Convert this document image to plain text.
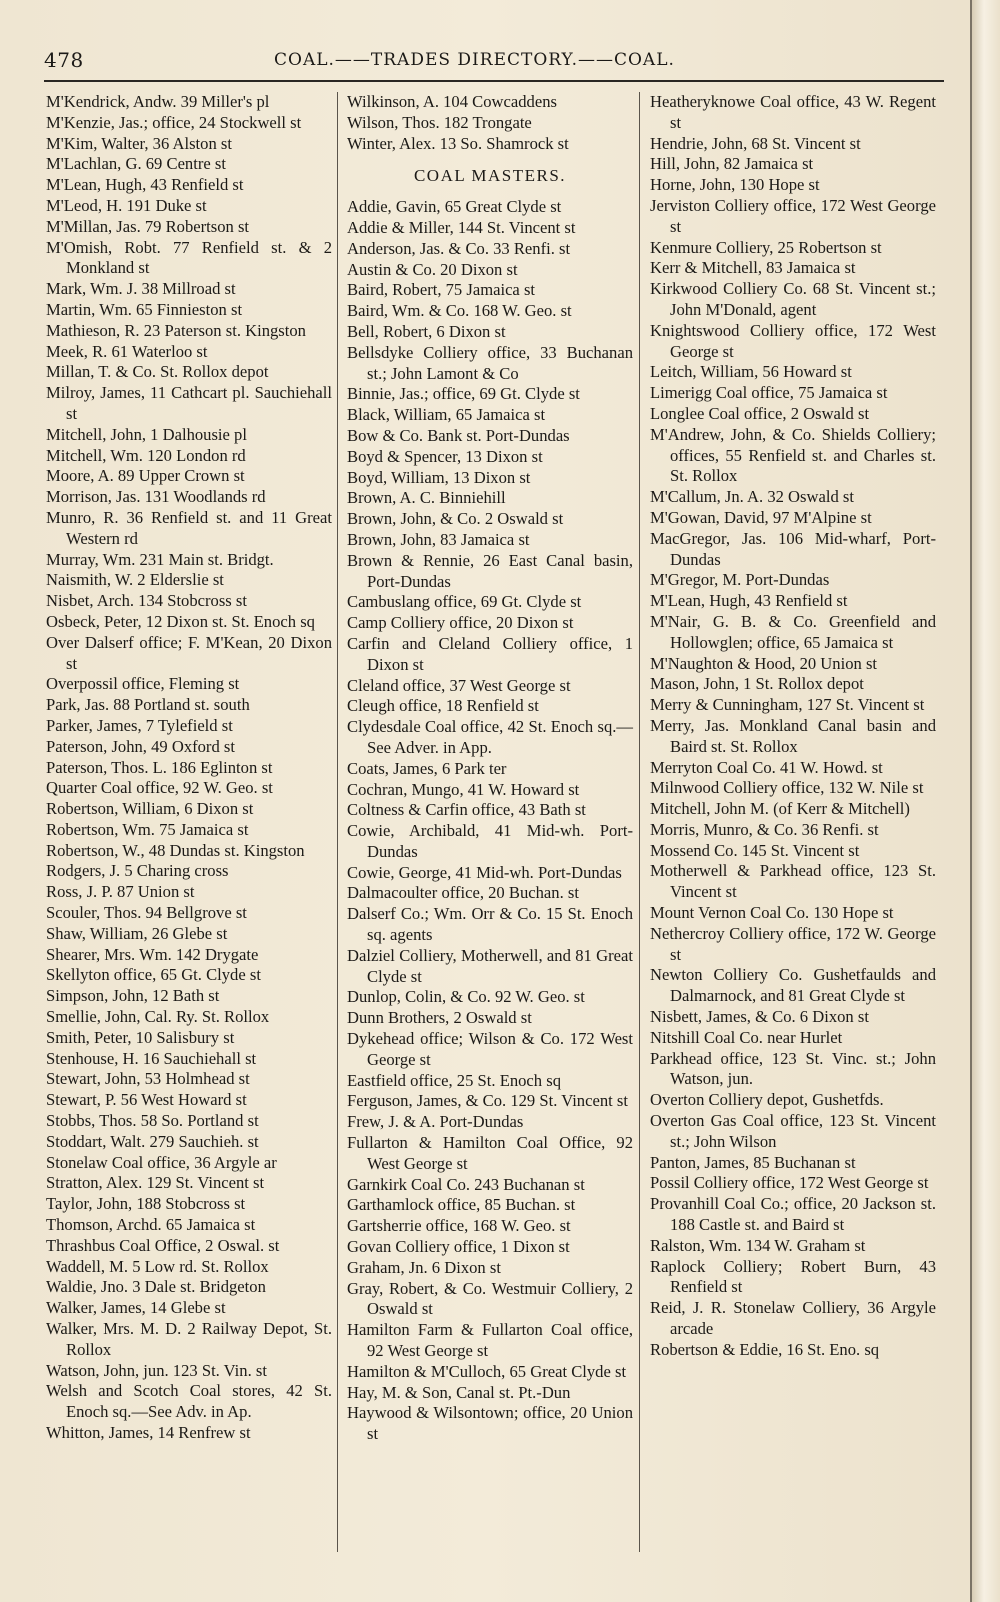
478	COAL.——TRADES DIRECTORY.——COAL.
M'Kendrick, Andw. 39 Miller's pl
M'Kenzie, Jas.; office, 24 Stockwell st
M'Kim, Walter, 36 Alston st
M'Lachlan, G. 69 Centre st
M'Lean, Hugh, 43 Renfield st
M'Leod, H. 191 Duke st
M'Millan, Jas. 79 Robertson st
M'Omish, Robt. 77 Renfield st. & 2 Monkland st
Mark, Wm. J. 38 Millroad st
Martin, Wm. 65 Finnieston st
Mathieson, R. 23 Paterson st. Kingston
Meek, R. 61 Waterloo st
Millan, T. & Co. St. Rollox depot
Milroy, James, 11 Cathcart pl. Sauchiehall st
Mitchell, John, 1 Dalhousie pl
Mitchell, Wm. 120 London rd
Moore, A. 89 Upper Crown st
Morrison, Jas. 131 Woodlands rd
Munro, R. 36 Renfield st. and 11 Great Western rd
Murray, Wm. 231 Main st. Bridgt.
Naismith, W. 2 Elderslie st
Nisbet, Arch. 134 Stobcross st
Osbeck, Peter, 12 Dixon st. St. Enoch sq
Over Dalserf office; F. M'Kean, 20 Dixon st
Overpossil office, Fleming st
Park, Jas. 88 Portland st. south
Parker, James, 7 Tylefield st
Paterson, John, 49 Oxford st
Paterson, Thos. L. 186 Eglinton st
Quarter Coal office, 92 W. Geo. st
Robertson, William, 6 Dixon st
Robertson, Wm. 75 Jamaica st
Robertson, W., 48 Dundas st. Kingston
Rodgers, J. 5 Charing cross
Ross, J. P. 87 Union st
Scouler, Thos. 94 Bellgrove st
Shaw, William, 26 Glebe st
Shearer, Mrs. Wm. 142 Drygate
Skellyton office, 65 Gt. Clyde st
Simpson, John, 12 Bath st
Smellie, John, Cal. Ry. St. Rollox
Smith, Peter, 10 Salisbury st
Stenhouse, H. 16 Sauchiehall st
Stewart, John, 53 Holmhead st
Stewart, P. 56 West Howard st
Stobbs, Thos. 58 So. Portland st
Stoddart, Walt. 279 Sauchieh. st
Stonelaw Coal office, 36 Argyle ar
Stratton, Alex. 129 St. Vincent st
Taylor, John, 188 Stobcross st
Thomson, Archd. 65 Jamaica st
Thrashbus Coal Office, 2 Oswal. st
Waddell, M. 5 Low rd. St. Rollox
Waldie, Jno. 3 Dale st. Bridgeton
Walker, James, 14 Glebe st
Walker, Mrs. M. D. 2 Railway Depot, St. Rollox
Watson, John, jun. 123 St. Vin. st
Welsh and Scotch Coal stores, 42 St. Enoch sq.—See Adv. in Ap.
Whitton, James, 14 Renfrew st
Wilkinson, A. 104 Cowcaddens
Wilson, Thos. 182 Trongate
Winter, Alex. 13 So. Shamrock st
COAL MASTERS.
Addie, Gavin, 65 Great Clyde st
Addie & Miller, 144 St. Vincent st
Anderson, Jas. & Co. 33 Renfi. st
Austin & Co. 20 Dixon st
Baird, Robert, 75 Jamaica st
Baird, Wm. & Co. 168 W. Geo. st
Bell, Robert, 6 Dixon st
Bellsdyke Colliery office, 33 Buchanan st.; John Lamont & Co
Binnie, Jas.; office, 69 Gt. Clyde st
Black, William, 65 Jamaica st
Bow & Co. Bank st. Port-Dundas
Boyd & Spencer, 13 Dixon st
Boyd, William, 13 Dixon st
Brown, A. C. Binniehill
Brown, John, & Co. 2 Oswald st
Brown, John, 83 Jamaica st
Brown & Rennie, 26 East Canal basin, Port-Dundas
Cambuslang office, 69 Gt. Clyde st
Camp Colliery office, 20 Dixon st
Carfin and Cleland Colliery office, 1 Dixon st
Cleland office, 37 West George st
Cleugh office, 18 Renfield st
Clydesdale Coal office, 42 St. Enoch sq.—See Adver. in App.
Coats, James, 6 Park ter
Cochran, Mungo, 41 W. Howard st
Coltness & Carfin office, 43 Bath st
Cowie, Archibald, 41 Mid-wh. Port-Dundas
Cowie, George, 41 Mid-wh. Port-Dundas
Dalmacoulter office, 20 Buchan. st
Dalserf Co.; Wm. Orr & Co. 15 St. Enoch sq. agents
Dalziel Colliery, Motherwell, and 81 Great Clyde st
Dunlop, Colin, & Co. 92 W. Geo. st
Dunn Brothers, 2 Oswald st
Dykehead office; Wilson & Co. 172 West George st
Eastfield office, 25 St. Enoch sq
Ferguson, James, & Co. 129 St. Vincent st
Frew, J. & A. Port-Dundas
Fullarton & Hamilton Coal Office, 92 West George st
Garnkirk Coal Co. 243 Buchanan st
Garthamlock office, 85 Buchan. st
Gartsherrie office, 168 W. Geo. st
Govan Colliery office, 1 Dixon st
Graham, Jn. 6 Dixon st
Gray, Robert, & Co. Westmuir Colliery, 2 Oswald st
Hamilton Farm & Fullarton Coal office, 92 West George st
Hamilton & M'Culloch, 65 Great Clyde st
Hay, M. & Son, Canal st. Pt.-Dun
Haywood & Wilsontown; office, 20 Union st
Heatheryknowe Coal office, 43 W. Regent st
Hendrie, John, 68 St. Vincent st
Hill, John, 82 Jamaica st
Horne, John, 130 Hope st
Jerviston Colliery office, 172 West George st
Kenmure Colliery, 25 Robertson st
Kerr & Mitchell, 83 Jamaica st
Kirkwood Colliery Co. 68 St. Vincent st.; John M'Donald, agent
Knightswood Colliery office, 172 West George st
Leitch, William, 56 Howard st
Limerigg Coal office, 75 Jamaica st
Longlee Coal office, 2 Oswald st
M'Andrew, John, & Co. Shields Colliery; offices, 55 Renfield st. and Charles st. St. Rollox
M'Callum, Jn. A. 32 Oswald st
M'Gowan, David, 97 M'Alpine st
MacGregor, Jas. 106 Mid-wharf, Port-Dundas
M'Gregor, M. Port-Dundas
M'Lean, Hugh, 43 Renfield st
M'Nair, G. B. & Co. Greenfield and Hollowglen; office, 65 Jamaica st
M'Naughton & Hood, 20 Union st
Mason, John, 1 St. Rollox depot
Merry & Cunningham, 127 St. Vincent st
Merry, Jas. Monkland Canal basin and Baird st. St. Rollox
Merryton Coal Co. 41 W. Howd. st
Milnwood Colliery office, 132 W. Nile st
Mitchell, John M. (of Kerr & Mitchell)
Morris, Munro, & Co. 36 Renfi. st
Mossend Co. 145 St. Vincent st
Motherwell & Parkhead office, 123 St. Vincent st
Mount Vernon Coal Co. 130 Hope st
Nethercroy Colliery office, 172 W. George st
Newton Colliery Co. Gushetfaulds and Dalmarnock, and 81 Great Clyde st
Nisbett, James, & Co. 6 Dixon st
Nitshill Coal Co. near Hurlet
Parkhead office, 123 St. Vinc. st.; John Watson, jun.
Overton Colliery depot, Gushetfds.
Overton Gas Coal office, 123 St. Vincent st.; John Wilson
Panton, James, 85 Buchanan st
Possil Colliery office, 172 West George st
Provanhill Coal Co.; office, 20 Jackson st. 188 Castle st. and Baird st
Ralston, Wm. 134 W. Graham st
Raplock Colliery; Robert Burn, 43 Renfield st
Reid, J. R. Stonelaw Colliery, 36 Argyle arcade
Robertson & Eddie, 16 St. Eno. sq
